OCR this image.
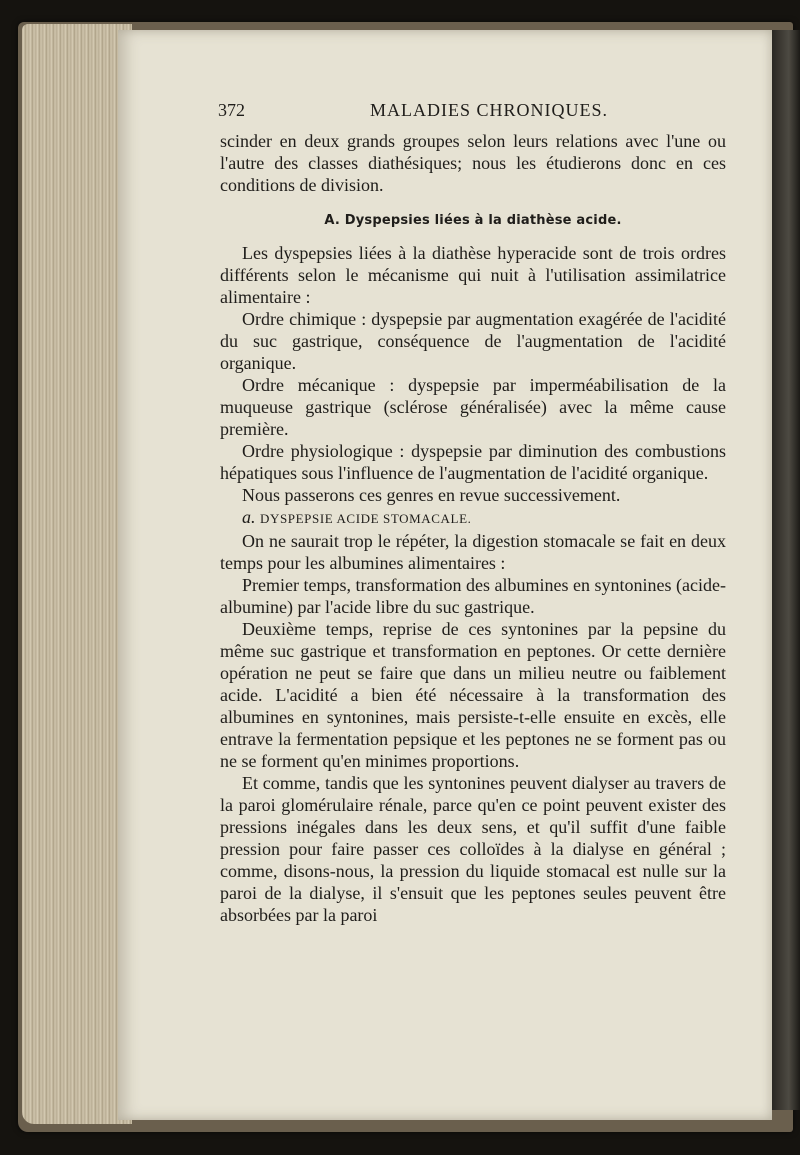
372	MALADIES CHRONIQUES.

scinder en deux grands groupes selon leurs relations avec l'une ou l'autre des classes diathésiques; nous les étudierons donc en ces conditions de division.

A. Dyspepsies liées à la diathèse acide.

Les dyspepsies liées à la diathèse hyperacide sont de trois ordres différents selon le mécanisme qui nuit à l'utilisation assimilatrice alimentaire :

Ordre chimique : dyspepsie par augmentation exagérée de l'acidité du suc gastrique, conséquence de l'augmentation de l'acidité organique.

Ordre mécanique : dyspepsie par imperméabilisation de la muqueuse gastrique (sclérose généralisée) avec la même cause première.

Ordre physiologique : dyspepsie par diminution des combustions hépatiques sous l'influence de l'augmentation de l'acidité organique.

Nous passerons ces genres en revue successivement.

a. DYSPEPSIE ACIDE STOMACALE.

On ne saurait trop le répéter, la digestion stomacale se fait en deux temps pour les albumines alimentaires :

Premier temps, transformation des albumines en syntonines (acide-albumine) par l'acide libre du suc gastrique.

Deuxième temps, reprise de ces syntonines par la pepsine du même suc gastrique et transformation en peptones. Or cette dernière opération ne peut se faire que dans un milieu neutre ou faiblement acide. L'acidité a bien été nécessaire à la transformation des albumines en syntonines, mais persiste-t-elle ensuite en excès, elle entrave la fermentation pepsique et les peptones ne se forment pas ou ne se forment qu'en minimes proportions.

Et comme, tandis que les syntonines peuvent dialyser au travers de la paroi glomérulaire rénale, parce qu'en ce point peuvent exister des pressions inégales dans les deux sens, et qu'il suffit d'une faible pression pour faire passer ces colloïdes à la dialyse en général ; comme, disons-nous, la pression du liquide stomacal est nulle sur la paroi de la dialyse, il s'ensuit que les peptones seules peuvent être absorbées par la paroi
